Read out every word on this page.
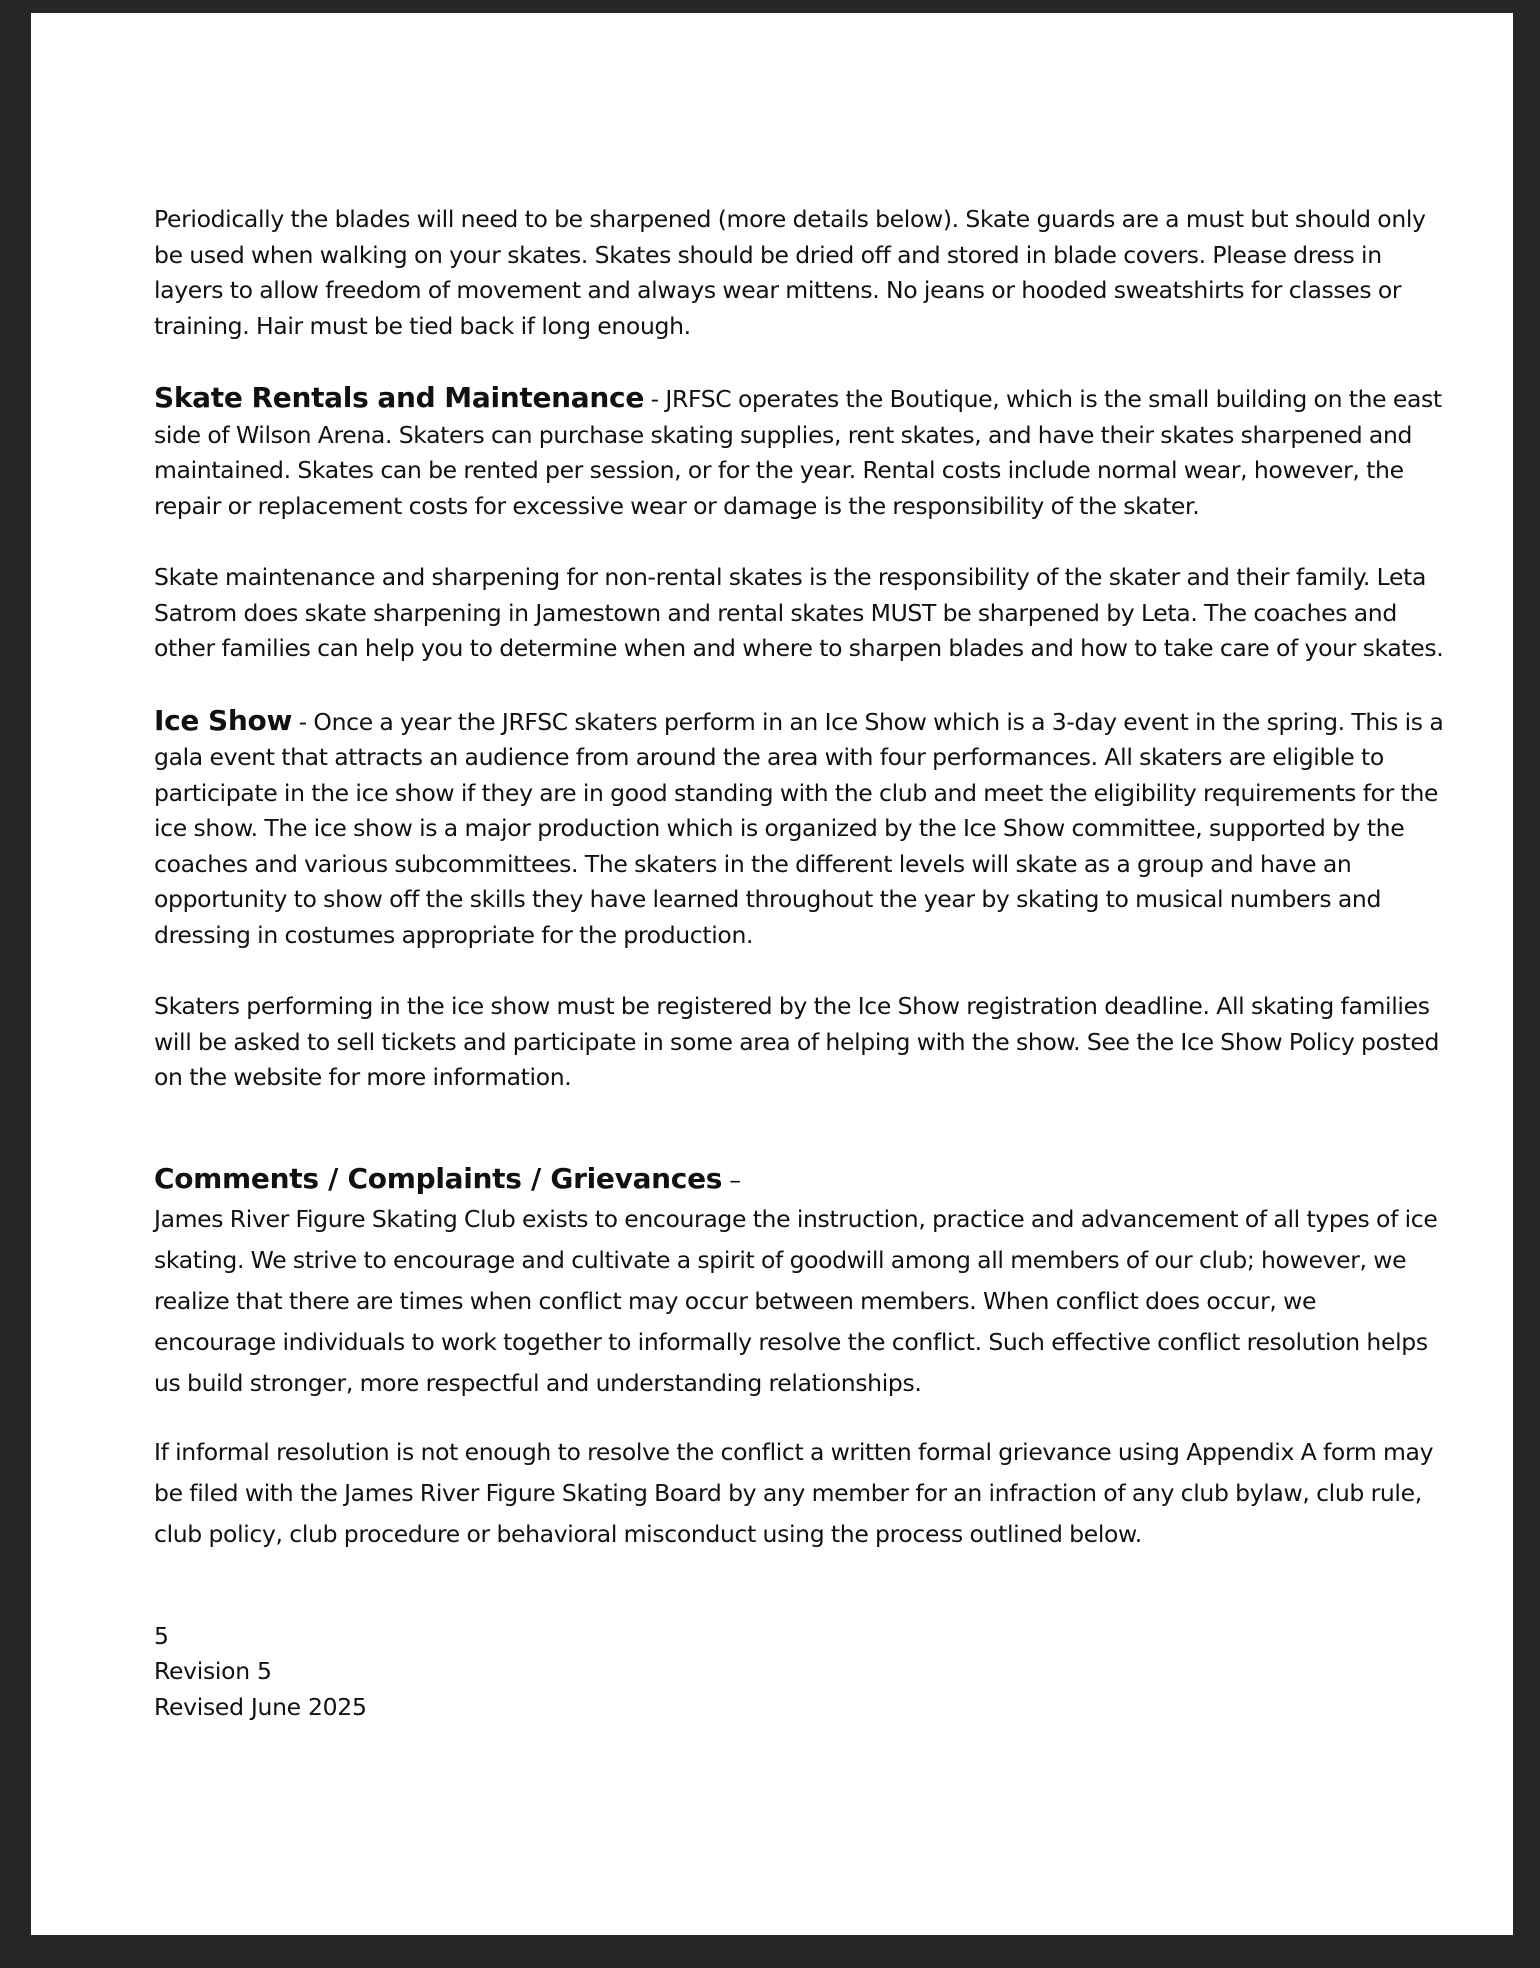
Periodically the blades will need to be sharpened (more details below). Skate guards are a must but should only be used when walking on your skates. Skates should be dried off and stored in blade covers. Please dress in layers to allow freedom of movement and always wear mittens. No jeans or hooded sweatshirts for classes or training. Hair must be tied back if long enough.

Skate Rentals and Maintenance - JRFSC operates the Boutique, which is the small building on the east side of Wilson Arena. Skaters can purchase skating supplies, rent skates, and have their skates sharpened and maintained. Skates can be rented per session, or for the year. Rental costs include normal wear, however, the repair or replacement costs for excessive wear or damage is the responsibility of the skater.

Skate maintenance and sharpening for non-rental skates is the responsibility of the skater and their family. Leta Satrom does skate sharpening in Jamestown and rental skates MUST be sharpened by Leta. The coaches and other families can help you to determine when and where to sharpen blades and how to take care of your skates.

Ice Show - Once a year the JRFSC skaters perform in an Ice Show which is a 3-day event in the spring. This is a gala event that attracts an audience from around the area with four performances. All skaters are eligible to participate in the ice show if they are in good standing with the club and meet the eligibility requirements for the ice show. The ice show is a major production which is organized by the Ice Show committee, supported by the coaches and various subcommittees. The skaters in the different levels will skate as a group and have an opportunity to show off the skills they have learned throughout the year by skating to musical numbers and dressing in costumes appropriate for the production.

Skaters performing in the ice show must be registered by the Ice Show registration deadline. All skating families will be asked to sell tickets and participate in some area of helping with the show. See the Ice Show Policy posted on the website for more information.

Comments / Complaints / Grievances –

James River Figure Skating Club exists to encourage the instruction, practice and advancement of all types of ice skating. We strive to encourage and cultivate a spirit of goodwill among all members of our club; however, we realize that there are times when conflict may occur between members. When conflict does occur, we encourage individuals to work together to informally resolve the conflict. Such effective conflict resolution helps us build stronger, more respectful and understanding relationships.

If informal resolution is not enough to resolve the conflict a written formal grievance using Appendix A form may be filed with the James River Figure Skating Board by any member for an infraction of any club bylaw, club rule, club policy, club procedure or behavioral misconduct using the process outlined below.

5

Revision 5

Revised June 2025
